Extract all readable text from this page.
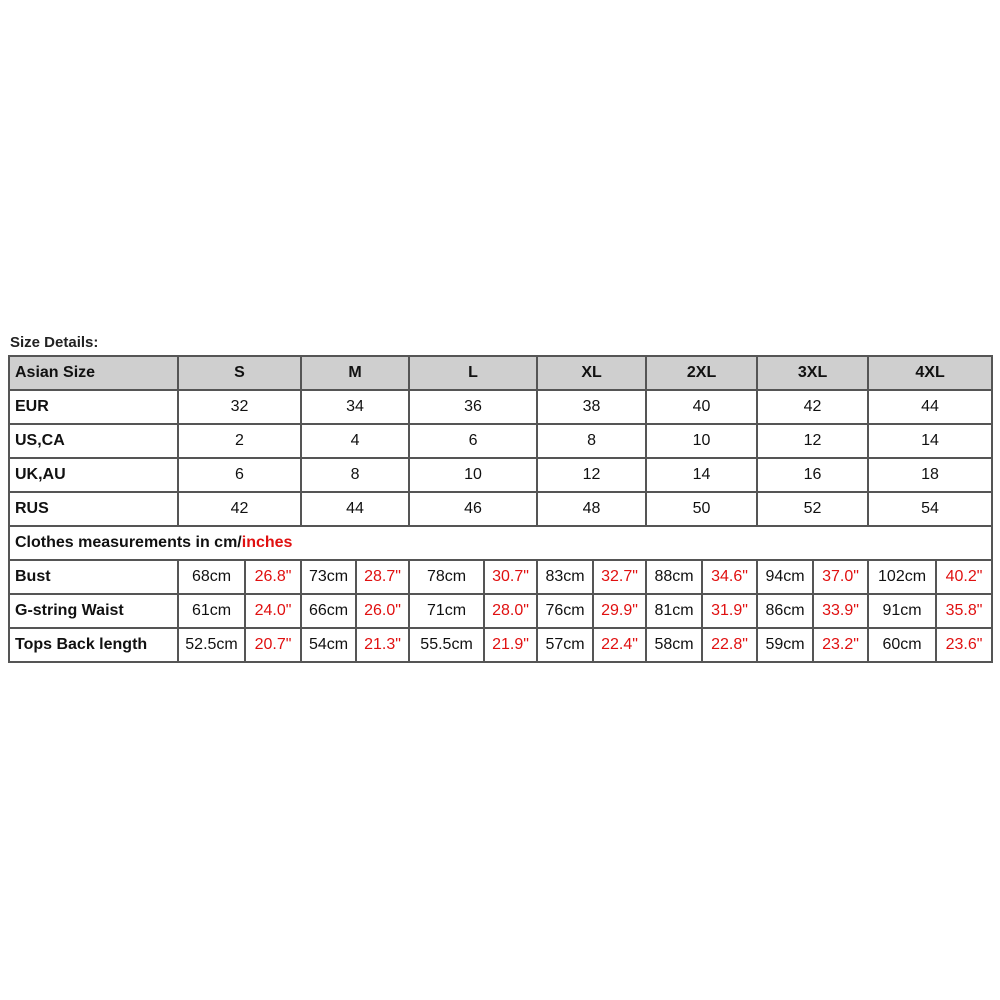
Size Details:
Asian Size	S		M		L		XL		2XL		3XL		4XL	
EUR	32		34		36		38		40		42		44	
US,CA	2		4		6		8		10		12		14	
UK,AU	6		8		10		12		14		16		18	
RUS	42		44		46		48		50		52		54	
Clothes measurements in cm/inches														
Bust	68cm	26.8"	73cm	28.7"	78cm	30.7"	83cm	32.7"	88cm	34.6"	94cm	37.0"	102cm	40.2"
G-string Waist	61cm	24.0"	66cm	26.0"	71cm	28.0"	76cm	29.9"	81cm	31.9"	86cm	33.9"	91cm	35.8"
Tops Back length	52.5cm	20.7"	54cm	21.3"	55.5cm	21.9"	57cm	22.4"	58cm	22.8"	59cm	23.2"	60cm	23.6"
